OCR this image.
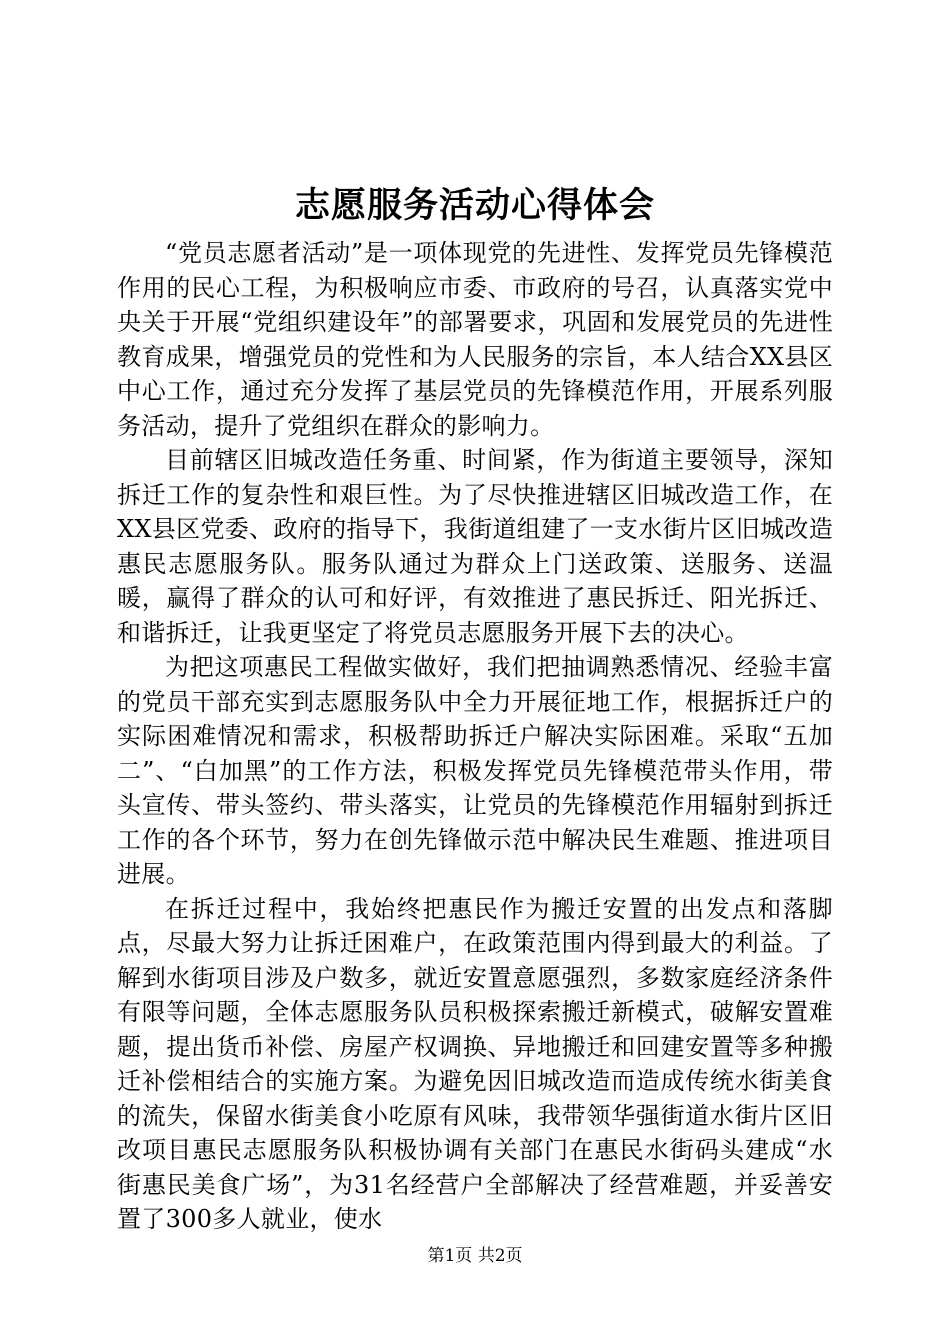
志愿服务活动心得体会

“党员志愿者活动”是一项体现党的先进性、发挥党员先锋模范作用的民心工程，为积极响应市委、市政府的号召，认真落实党中央关于开展“党组织建设年”的部署要求，巩固和发展党员的先进性教育成果，增强党员的党性和为人民服务的宗旨，本人结合XX县区中心工作，通过充分发挥了基层党员的先锋模范作用，开展系列服务活动，提升了党组织在群众的影响力。

目前辖区旧城改造任务重、时间紧，作为街道主要领导，深知拆迁工作的复杂性和艰巨性。为了尽快推进辖区旧城改造工作，在XX县区党委、政府的指导下，我街道组建了一支水街片区旧城改造惠民志愿服务队。服务队通过为群众上门送政策、送服务、送温暖，赢得了群众的认可和好评，有效推进了惠民拆迁、阳光拆迁、和谐拆迁，让我更坚定了将党员志愿服务开展下去的决心。

为把这项惠民工程做实做好，我们把抽调熟悉情况、经验丰富的党员干部充实到志愿服务队中全力开展征地工作，根据拆迁户的实际困难情况和需求，积极帮助拆迁户解决实际困难。采取“五加二”、“白加黑”的工作方法，积极发挥党员先锋模范带头作用，带头宣传、带头签约、带头落实，让党员的先锋模范作用辐射到拆迁工作的各个环节，努力在创先锋做示范中解决民生难题、推进项目进展。

在拆迁过程中，我始终把惠民作为搬迁安置的出发点和落脚点，尽最大努力让拆迁困难户，在政策范围内得到最大的利益。了解到水街项目涉及户数多，就近安置意愿强烈，多数家庭经济条件有限等问题，全体志愿服务队员积极探索搬迁新模式，破解安置难题，提出货币补偿、房屋产权调换、异地搬迁和回建安置等多种搬迁补偿相结合的实施方案。为避免因旧城改造而造成传统水街美食的流失，保留水街美食小吃原有风味，我带领华强街道水街片区旧改项目惠民志愿服务队积极协调有关部门在惠民水街码头建成“水街惠民美食广场”，为31名经营户全部解决了经营难题，并妥善安置了300多人就业，使水

第1页 共2页
